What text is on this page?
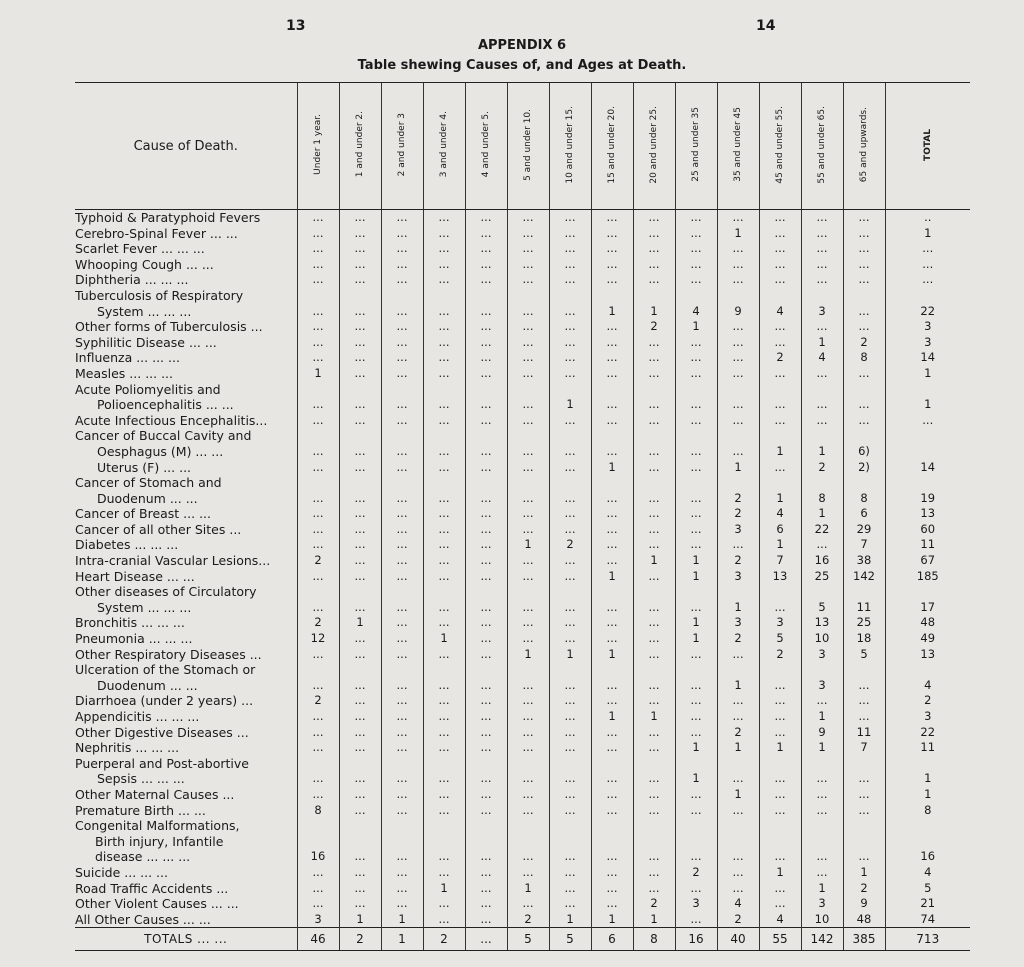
13	14
APPENDIX 6
Table shewing Causes of, and Ages at Death.
Cause of Death.	Under 1 year.	1 and under 2.	2 and under 3	3 and under 4.	4 and under 5.	5 and under 10.	10 and under 15.	15 and under 20.	20 and under 25.	25 and under 35	35 and under 45	45 and under 55.	55 and under 65.	65 and upwards.	TOTAL
Typhoid & Paratyphoid Fevers	...	...	...	...	...	...	...	...	...	...	...	...	...	...	..
Cerebro-Spinal Fever ... ...	...	...	...	...	...	...	...	...	...	...	1	...	...	...	1
Scarlet Fever ... ... ...	...	...	...	...	...	...	...	...	...	...	...	...	...	...	...
Whooping Cough ... ...	...	...	...	...	...	...	...	...	...	...	...	...	...	...	...
Diphtheria ... ... ...	...	...	...	...	...	...	...	...	...	...	...	...	...	...	...
Tuberculosis of Respiratory															
System ... ... ...	...	...	...	...	...	...	...	1	1	4	9	4	3	...	22
Other forms of Tuberculosis ...	...	...	...	...	...	...	...	...	2	1	...	...	...	...	3
Syphilitic Disease ... ...	...	...	...	...	...	...	...	...	...	...	...	...	1	2	3
Influenza ... ... ...	...	...	...	...	...	...	...	...	...	...	...	2	4	8	14
Measles ... ... ...	1	...	...	...	...	...	...	...	...	...	...	...	...	...	1
Acute Poliomyelitis and															
Polioencephalitis ... ...	...	...	...	...	...	...	1	...	...	...	...	...	...	...	1
Acute Infectious Encephalitis...	...	...	...	...	...	...	...	...	...	...	...	...	...	...	...
Cancer of Buccal Cavity and															
Oesphagus (M) ... ...	...	...	...	...	...	...	...	...	...	...	...	1	1	6)	
Uterus (F) ... ...	...	...	...	...	...	...	...	1	...	...	1	...	2	2)	14
Cancer of Stomach and															
Duodenum ... ...	...	...	...	...	...	...	...	...	...	...	2	1	8	8	19
Cancer of Breast ... ...	...	...	...	...	...	...	...	...	...	...	2	4	1	6	13
Cancer of all other Sites ...	...	...	...	...	...	...	...	...	...	...	3	6	22	29	60
Diabetes ... ... ...	...	...	...	...	...	1	2	...	...	...	...	1	...	7	11
Intra-cranial Vascular Lesions...	2	...	...	...	...	...	...	...	1	1	2	7	16	38	67
Heart Disease ... ...	...	...	...	...	...	...	...	1	...	1	3	13	25	142	185
Other diseases of Circulatory															
System ... ... ...	...	...	...	...	...	...	...	...	...	...	1	...	5	11	17
Bronchitis ... ... ...	2	1	...	...	...	...	...	...	...	1	3	3	13	25	48
Pneumonia ... ... ...	12	...	...	1	...	...	...	...	...	1	2	5	10	18	49
Other Respiratory Diseases ...	...	...	...	...	...	1	1	1	...	...	...	2	3	5	13
Ulceration of the Stomach or															
Duodenum ... ...	...	...	...	...	...	...	...	...	...	...	1	...	3	...	4
Diarrhoea (under 2 years) ...	2	...	...	...	...	...	...	...	...	...	...	...	...	...	2
Appendicitis ... ... ...	...	...	...	...	...	...	...	1	1	...	...	...	1	...	3
Other Digestive Diseases ...	...	...	...	...	...	...	...	...	...	...	2	...	9	11	22
Nephritis ... ... ...	...	...	...	...	...	...	...	...	...	1	1	1	1	7	11
Puerperal and Post-abortive															
Sepsis ... ... ...	...	...	...	...	...	...	...	...	...	1	...	...	...	...	1
Other Maternal Causes ...	...	...	...	...	...	...	...	...	...	...	1	...	...	...	1
Premature Birth ... ...	8	...	...	...	...	...	...	...	...	...	...	...	...	...	8
Congenital Malformations,															
Birth injury, Infantile															
disease ... ... ...	16	...	...	...	...	...	...	...	...	...	...	...	...	...	16
Suicide ... ... ...	...	...	...	...	...	...	...	...	...	2	...	1	...	1	4
Road Traffic Accidents ...	...	...	...	1	...	1	...	...	...	...	...	...	1	2	5
Other Violent Causes ... ...	...	...	...	...	...	...	...	...	2	3	4	...	3	9	21
All Other Causes ... ...	3	1	1	...	...	2	1	1	1	...	2	4	10	48	74
TOTALS ... ...	46	2	1	2	...	5	5	6	8	16	40	55	142	385	713
